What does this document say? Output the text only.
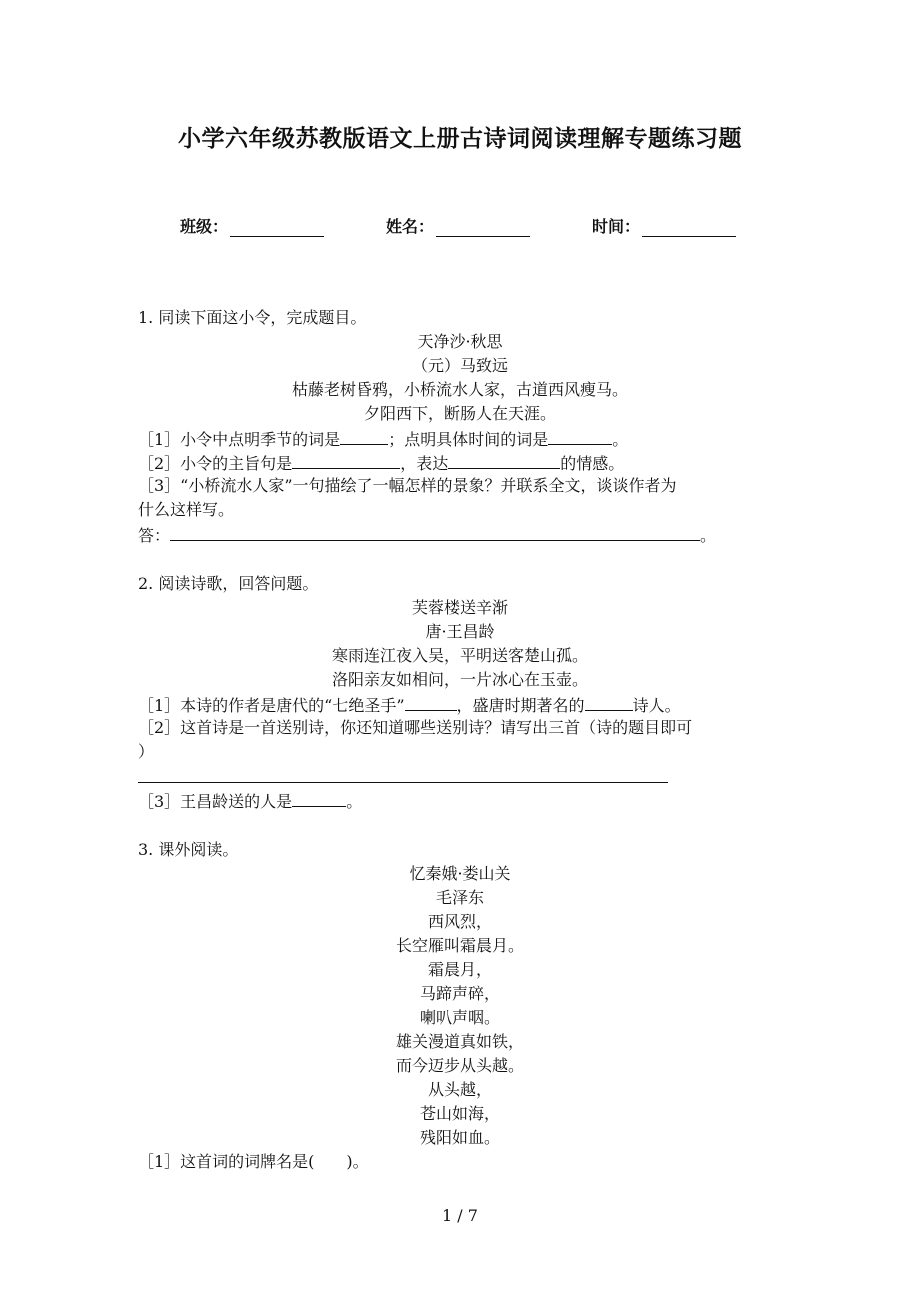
小学六年级苏教版语文上册古诗词阅读理解专题练习题
班级：	姓名：	时间：
1. 同读下面这小令，完成题目。
天净沙·秋思
（元）马致远
枯藤老树昏鸦，小桥流水人家，古道西风瘦马。
夕阳西下，断肠人在天涯。
［1］小令中点明季节的词是	；点明具体时间的词是	。
［2］小令的主旨句是	，表达	的情感。
［3］“小桥流水人家”一句描绘了一幅怎样的景象？并联系全文，谈谈作者为
什么这样写。
答：	。
2. 阅读诗歌，回答问题。
芙蓉楼送辛渐
唐·王昌龄
寒雨连江夜入吴，平明送客楚山孤。
洛阳亲友如相问，一片冰心在玉壶。
［1］本诗的作者是唐代的“七绝圣手”	，盛唐时期著名的	诗人。
［2］这首诗是一首送别诗，你还知道哪些送别诗？请写出三首（诗的题目即可
）
［3］王昌龄送的人是	。
3. 课外阅读。
忆秦娥·娄山关
毛泽东
西风烈，
长空雁叫霜晨月。
霜晨月，
马蹄声碎，
喇叭声咽。
雄关漫道真如铁，
而今迈步从头越。
从头越，
苍山如海，
残阳如血。
［1］这首词的词牌名是(　　)。
1 / 7
